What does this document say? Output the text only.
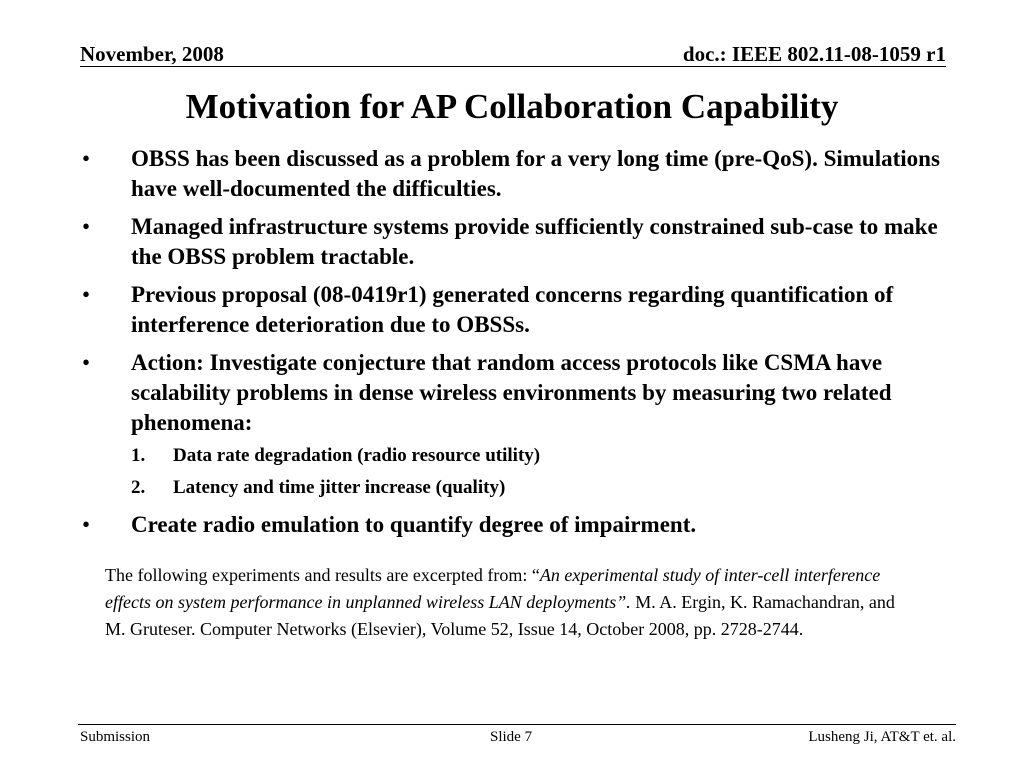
November, 2008	doc.: IEEE 802.11-08-1059 r1
Motivation for AP Collaboration Capability
• OBSS has been discussed as a problem for a very long time (pre-QoS). Simulations have well-documented the difficulties.
• Managed infrastructure systems provide sufficiently constrained sub-case to make the OBSS problem tractable.
• Previous proposal (08-0419r1) generated concerns regarding quantification of interference deterioration due to OBSSs.
• Action: Investigate conjecture that random access protocols like CSMA have scalability problems in dense wireless environments by measuring two related phenomena:
1. Data rate degradation (radio resource utility)
2. Latency and time jitter increase (quality)
• Create radio emulation to quantify degree of impairment.
The following experiments and results are excerpted from: “An experimental study of inter-cell interference effects on system performance in unplanned wireless LAN deployments”. M. A. Ergin, K. Ramachandran, and M. Gruteser. Computer Networks (Elsevier), Volume 52, Issue 14, October 2008, pp. 2728-2744.
Submission	Slide 7	Lusheng Ji, AT&T et. al.
